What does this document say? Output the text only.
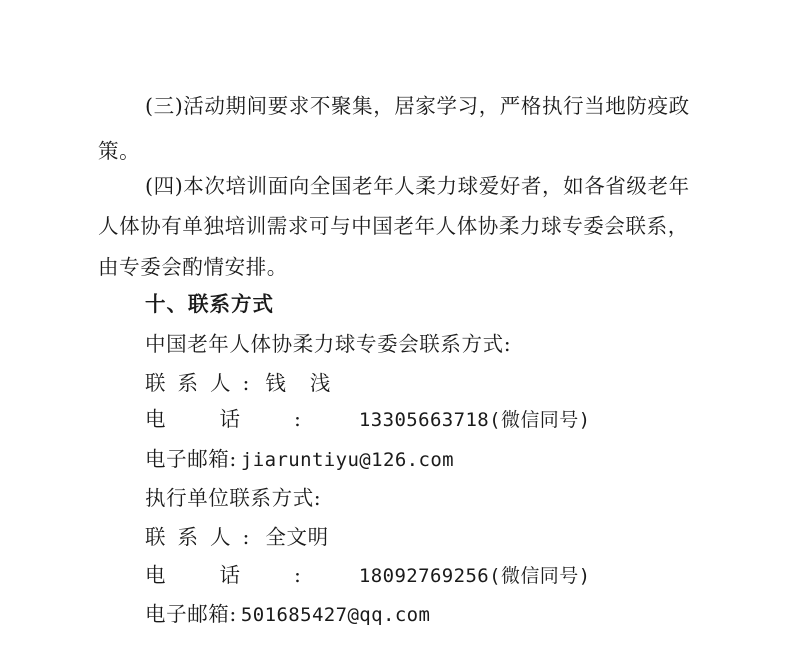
(三)活动期间要求不聚集，居家学习，严格执行当地防疫政
策。
(四)本次培训面向全国老年人柔力球爱好者，如各省级老年
人体协有单独培训需求可与中国老年人体协柔力球专委会联系，
由专委会酌情安排。
十、联系方式
中国老年人体协柔力球专委会联系方式:
联系人: 钱浅
电话: 13305663718(微信同号)
电子邮箱: jiaruntiyu@126.com
执行单位联系方式:
联系人: 全文明
电话: 18092769256(微信同号)
电子邮箱: 501685427@qq.com
